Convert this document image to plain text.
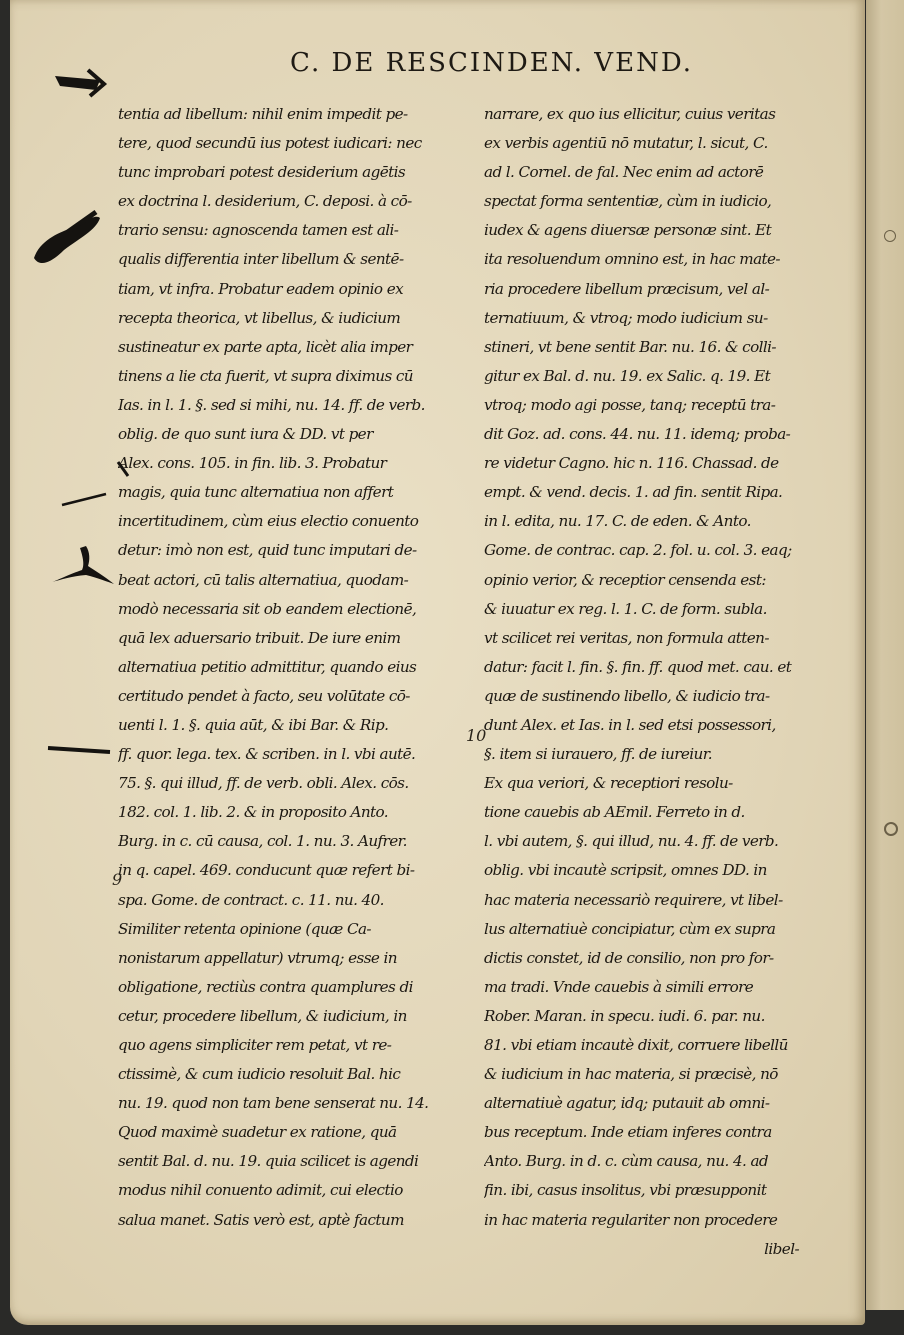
C. DE RESCINDEN. VEND.
9
10
tentia ad libellum: nihil enim impedit pe-
tere, quod secundū ius potest iudicari: nec
tunc improbari potest desiderium agētis
ex doctrina l. desiderium, C. deposi. à cō-
trario sensu: agnoscenda tamen est ali-
qualis differentia inter libellum & sentē-
tiam, vt infra. Probatur eadem opinio ex
recepta theorica, vt libellus, & iudicium
sustineatur ex parte apta, licèt alia imper
tinens a lie cta fuerit, vt supra diximus cū
Ias. in l. 1. §. sed si mihi, nu. 14. ff. de verb.
oblig. de quo sunt iura & DD. vt per
Alex. cons. 105. in fin. lib. 3. Probatur
magis, quia tunc alternatiua non affert
incertitudinem, cùm eius electio conuento
detur: imò non est, quid tunc imputari de-
beat actori, cū talis alternatiua, quodam-
modò necessaria sit ob eandem electionē,
quā lex aduersario tribuit. De iure enim
alternatiua petitio admittitur, quando eius
certitudo pendet à facto, seu volūtate cō-
uenti l. 1. §. quia aūt, & ibi Bar. & Rip.
ff. quor. lega. tex. & scriben. in l. vbi autē.
75. §. qui illud, ff. de verb. obli. Alex. cōs.
182. col. 1. lib. 2. & in proposito Anto.
Burg. in c. cū causa, col. 1. nu. 3. Aufrer.
in q. capel. 469. conducunt quæ refert bi-
spa. Gome. de contract. c. 11. nu. 40.
Similiter retenta opinione (quæ Ca-
nonistarum appellatur) vtrumq; esse in
obligatione, rectiùs contra quamplures di
cetur, procedere libellum, & iudicium, in
quo agens simpliciter rem petat, vt re-
ctissimè, & cum iudicio resoluit Bal. hic
nu. 19. quod non tam bene senserat nu. 14.
Quod maximè suadetur ex ratione, quā
sentit Bal. d. nu. 19. quia scilicet is agendi
modus nihil conuento adimit, cui electio
salua manet. Satis verò est, aptè factum
narrare, ex quo ius ellicitur, cuius veritas
ex verbis agentiū nō mutatur, l. sicut, C.
ad l. Cornel. de fal. Nec enim ad actorē
spectat forma sententiæ, cùm in iudicio,
iudex & agens diuersæ personæ sint. Et
ita resoluendum omnino est, in hac mate-
ria procedere libellum præcisum, vel al-
ternatiuum, & vtroq; modo iudicium su-
stineri, vt bene sentit Bar. nu. 16. & colli-
gitur ex Bal. d. nu. 19. ex Salic. q. 19. Et
vtroq; modo agi posse, tanq; receptū tra-
dit Goz. ad. cons. 44. nu. 11. idemq; proba-
re videtur Cagno. hic n. 116. Chassad. de
empt. & vend. decis. 1. ad fin. sentit Ripa.
in l. edita, nu. 17. C. de eden. & Anto.
Gome. de contrac. cap. 2. fol. u. col. 3. eaq;
opinio verior, & receptior censenda est:
& iuuatur ex reg. l. 1. C. de form. subla.
vt scilicet rei veritas, non formula atten-
datur: facit l. fin. §. fin. ff. quod met. cau. et
quæ de sustinendo libello, & iudicio tra-
dunt Alex. et Ias. in l. sed etsi possessori,
§. item si iurauero, ff. de iureiur.
Ex qua veriori, & receptiori resolu-
tione cauebis ab AEmil. Ferreto in d.
l. vbi autem, §. qui illud, nu. 4. ff. de verb.
oblig. vbi incautè scripsit, omnes DD. in
hac materia necessariò requirere, vt libel-
lus alternatiuè concipiatur, cùm ex supra
dictis constet, id de consilio, non pro for-
ma tradi. Vnde cauebis à simili errore
Rober. Maran. in specu. iudi. 6. par. nu.
81. vbi etiam incautè dixit, corruere libellū
& iudicium in hac materia, si præcisè, nō
alternatiuè agatur, idq; putauit ab omni-
bus receptum. Inde etiam inferes contra
Anto. Burg. in d. c. cùm causa, nu. 4. ad
fin. ibi, casus insolitus, vbi præsupponit
in hac materia regulariter non procedere
libel-
